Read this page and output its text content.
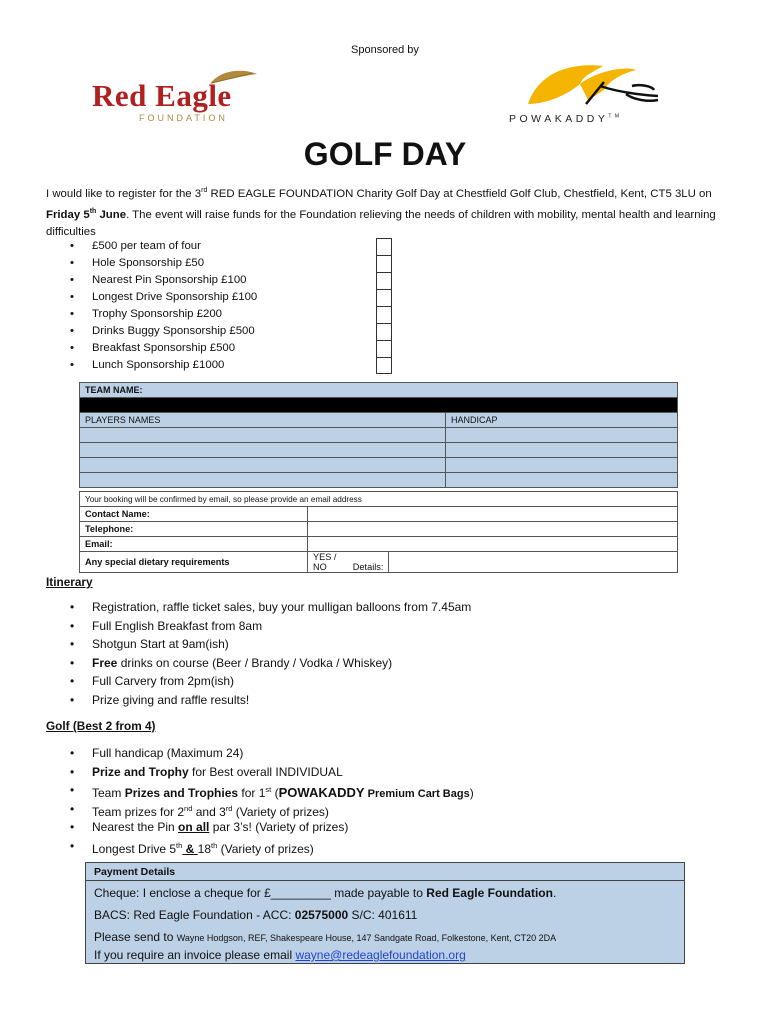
Sponsored by
Red Eagle
FOUNDATION	POWAKADDY™
GOLF DAY
I would like to register for the 3rd RED EAGLE FOUNDATION Charity Golf Day at Chestfield Golf Club, Chestfield, Kent, CT5 3LU on Friday 5th June. The event will raise funds for the Foundation relieving the needs of children with mobility, mental health and learning difficulties
• £500 per team of four
• Hole Sponsorship £50
• Nearest Pin Sponsorship £100
• Longest Drive Sponsorship £100
• Trophy Sponsorship £200
• Drinks Buggy Sponsorship £500
• Breakfast Sponsorship £500
• Lunch Sponsorship £1000
TEAM NAME:	

PLAYERS NAMES	HANDICAP

Your booking will be confirmed by email, so please provide an email address		
Contact Name:		
Telephone:		
Email:		
Any special dietary requirements	YES / NO Details:	
Itinerary
• Registration, raffle ticket sales, buy your mulligan balloons from 7.45am
• Full English Breakfast from 8am
• Shotgun Start at 9am(ish)
• Free drinks on course (Beer / Brandy / Vodka / Whiskey)
• Full Carvery from 2pm(ish)
• Prize giving and raffle results!
Golf (Best 2 from 4)
• Full handicap (Maximum 24)
• Prize and Trophy for Best overall INDIVIDUAL
• Team Prizes and Trophies for 1st (POWAKADDY Premium Cart Bags)
• Team prizes for 2nd and 3rd (Variety of prizes)
• Nearest the Pin on all par 3’s! (Variety of prizes)
• Longest Drive 5th & 18th (Variety of prizes)
Payment Details
Cheque: I enclose a cheque for £_________ made payable to Red Eagle Foundation.
BACS: Red Eagle Foundation - ACC: 02575000 S/C: 401611
Please send to Wayne Hodgson, REF, Shakespeare House, 147 Sandgate Road, Folkestone, Kent, CT20 2DA
If you require an invoice please email wayne@redeaglefoundation.org
